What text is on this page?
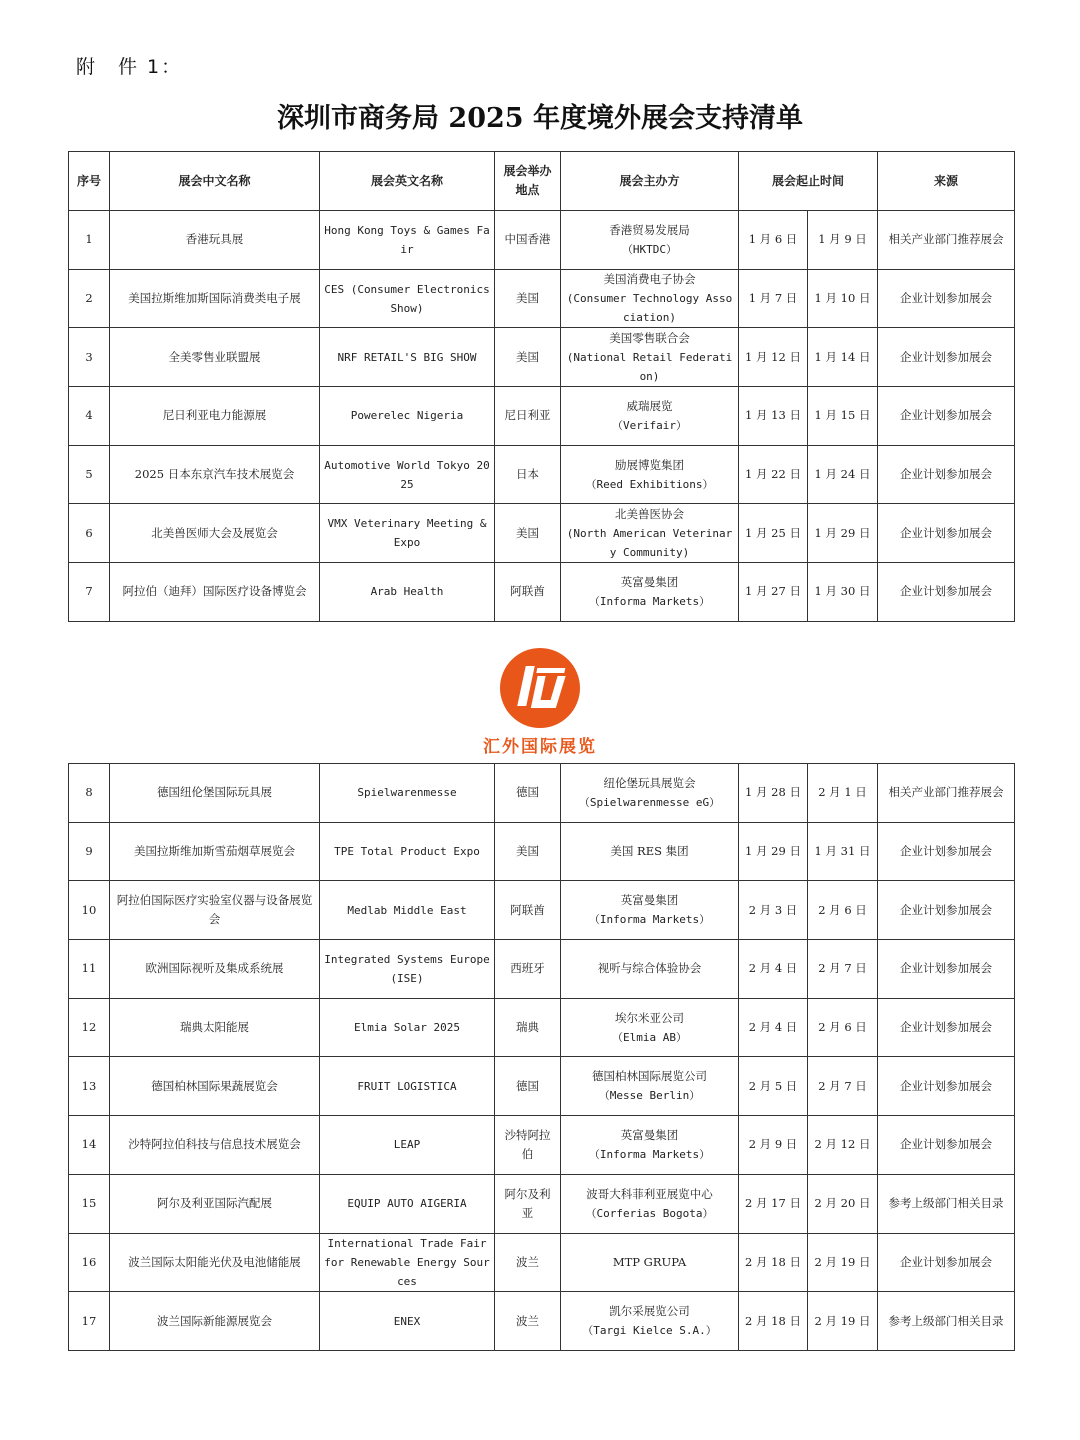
附　件 1：
深圳市商务局 2025 年度境外展会支持清单
序号	展会中文名称	展会英文名称	展会举办地点	展会主办方	展会起止时间		来源
1	香港玩具展	Hong Kong Toys & Games Fair	中国香港	香港贸易发展局
（HKTDC）	1 月 6 日	1 月 9 日	相关产业部门推荐展会
2	美国拉斯维加斯国际消费类电子展	CES (Consumer Electronics Show)	美国	美国消费电子协会
(Consumer Technology Association)	1 月 7 日	1 月 10 日	企业计划参加展会
3	全美零售业联盟展	NRF RETAIL'S BIG SHOW	美国	美国零售联合会
(National Retail Federation)	1 月 12 日	1 月 14 日	企业计划参加展会
4	尼日利亚电力能源展	Powerelec Nigeria	尼日利亚	威瑞展览
（Verifair）	1 月 13 日	1 月 15 日	企业计划参加展会
5	2025 日本东京汽车技术展览会	Automotive World Tokyo 2025	日本	励展博览集团
（Reed Exhibitions）	1 月 22 日	1 月 24 日	企业计划参加展会
6	北美兽医师大会及展览会	VMX Veterinary Meeting & Expo	美国	北美兽医协会
(North American Veterinary Community)	1 月 25 日	1 月 29 日	企业计划参加展会
7	阿拉伯（迪拜）国际医疗设备博览会	Arab Health	阿联酋	英富曼集团
（Informa Markets）	1 月 27 日	1 月 30 日	企业计划参加展会
汇外国际展览
8	德国纽伦堡国际玩具展	Spielwarenmesse	德国	纽伦堡玩具展览会
（Spielwarenmesse eG）	1 月 28 日	2 月 1 日	相关产业部门推荐展会
9	美国拉斯维加斯雪茄烟草展览会	TPE Total Product Expo	美国	美国 RES 集团	1 月 29 日	1 月 31 日	企业计划参加展会
10	阿拉伯国际医疗实验室仪器与设备展览会	Medlab Middle East	阿联酋	英富曼集团
（Informa Markets）	2 月 3 日	2 月 6 日	企业计划参加展会
11	欧洲国际视听及集成系统展	Integrated Systems Europe (ISE)	西班牙	视听与综合体验协会	2 月 4 日	2 月 7 日	企业计划参加展会
12	瑞典太阳能展	Elmia Solar 2025	瑞典	埃尔米亚公司
（Elmia AB）	2 月 4 日	2 月 6 日	企业计划参加展会
13	德国柏林国际果蔬展览会	FRUIT LOGISTICA	德国	德国柏林国际展览公司
（Messe Berlin）	2 月 5 日	2 月 7 日	企业计划参加展会
14	沙特阿拉伯科技与信息技术展览会	LEAP	沙特阿拉伯	英富曼集团
（Informa Markets）	2 月 9 日	2 月 12 日	企业计划参加展会
15	阿尔及利亚国际汽配展	EQUIP AUTO AIGERIA	阿尔及利亚	波哥大科菲利亚展览中心
（Corferias Bogota）	2 月 17 日	2 月 20 日	参考上级部门相关目录
16	波兰国际太阳能光伏及电池储能展	International Trade Fair for Renewable Energy Sources	波兰	MTP GRUPA	2 月 18 日	2 月 19 日	企业计划参加展会
17	波兰国际新能源展览会	ENEX	波兰	凯尔采展览公司
（Targi Kielce S.A.）	2 月 18 日	2 月 19 日	参考上级部门相关目录
